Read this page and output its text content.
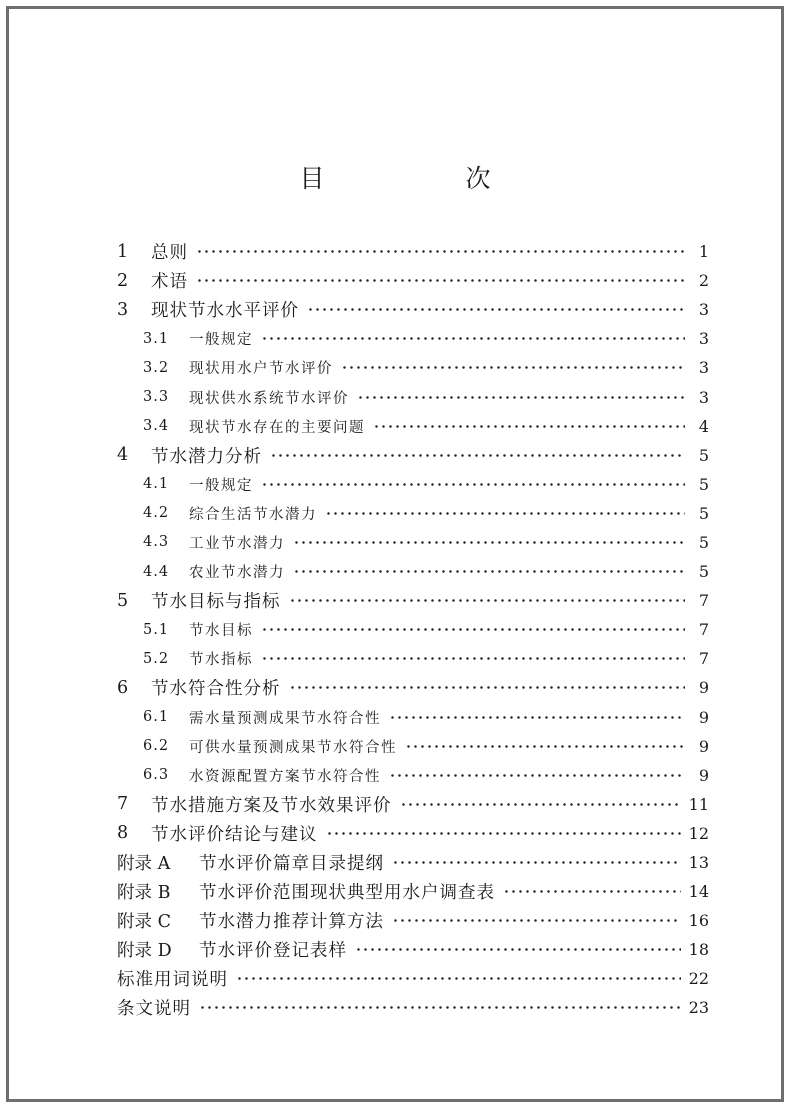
目　次
1	总则	1
2	术语	2
3	现状节水水平评价	3
3.1	一般规定	3
3.2	现状用水户节水评价	3
3.3	现状供水系统节水评价	3
3.4	现状节水存在的主要问题	4
4	节水潜力分析	5
4.1	一般规定	5
4.2	综合生活节水潜力	5
4.3	工业节水潜力	5
4.4	农业节水潜力	5
5	节水目标与指标	7
5.1	节水目标	7
5.2	节水指标	7
6	节水符合性分析	9
6.1	需水量预测成果节水符合性	9
6.2	可供水量预测成果节水符合性	9
6.3	水资源配置方案节水符合性	9
7	节水措施方案及节水效果评价	11
8	节水评价结论与建议	12
附录 A	节水评价篇章目录提纲	13
附录 B	节水评价范围现状典型用水户调查表	14
附录 C	节水潜力推荐计算方法	16
附录 D	节水评价登记表样	18
标准用词说明	22
条文说明	23
